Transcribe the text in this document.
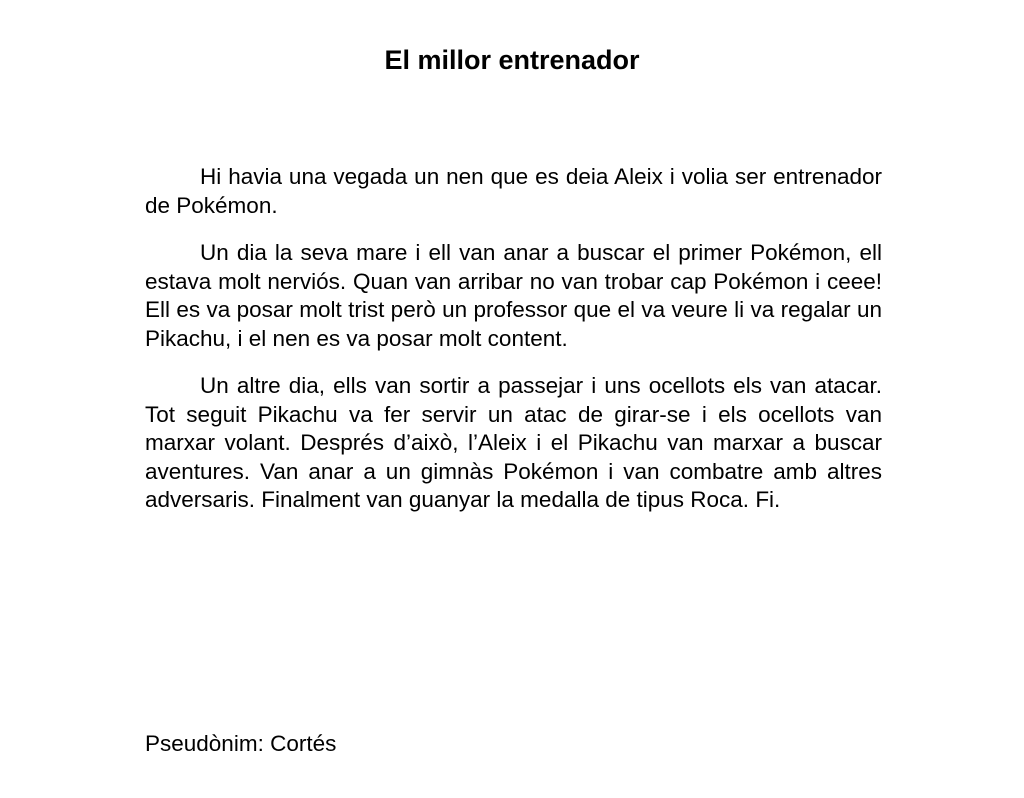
El millor entrenador

Hi havia una vegada un nen que es deia Aleix i volia ser entrenador de Pokémon.

Un dia la seva mare i ell van anar a buscar el primer Pokémon, ell estava molt nerviós. Quan van arribar no van trobar cap Pokémon i ceee! Ell es va posar molt trist però un professor que el va veure li va regalar un Pikachu, i el nen es va posar molt content.

Un altre dia, ells van sortir a passejar i uns ocellots els van atacar. Tot seguit Pikachu va fer servir un atac de girar-se i els ocellots van marxar volant. Després d’això, l’Aleix i el Pikachu van marxar a buscar aventures. Van anar a un gimnàs Pokémon i van combatre amb altres adversaris. Finalment van guanyar la medalla de tipus Roca. Fi.

Pseudònim: Cortés
